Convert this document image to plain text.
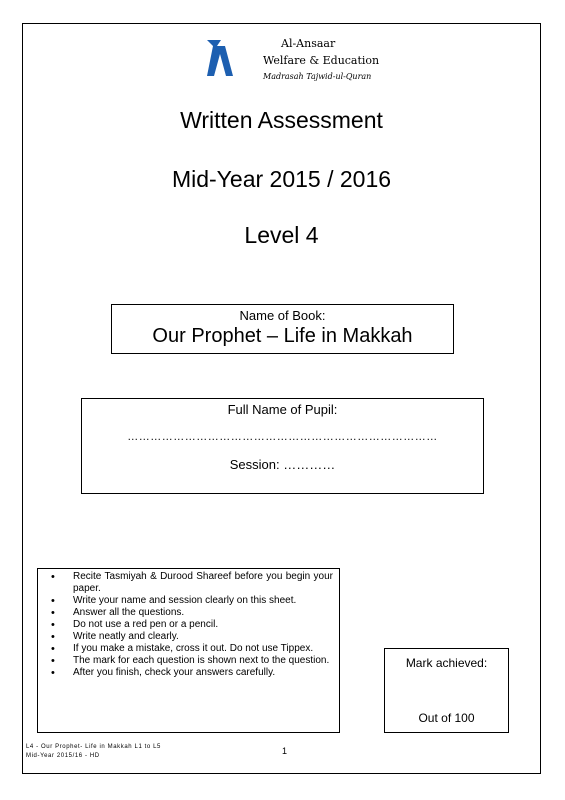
Al-Ansaar
Welfare & Education
Madrasah Tajwid-ul-Quran
Written Assessment
Mid-Year 2015 / 2016
Level 4
Name of Book:
Our Prophet – Life in Makkah
Full Name of Pupil:
………………………………………………………………………
Session: …………
• Recite Tasmiyah & Durood Shareef before you begin your paper.
• Write your name and session clearly on this sheet.
• Answer all the questions.
• Do not use a red pen or a pencil.
• Write neatly and clearly.
• If you make a mistake, cross it out. Do not use Tippex.
• The mark for each question is shown next to the question.
• After you finish, check your answers carefully.
Mark achieved:
Out of 100
L4 - Our Prophet- Life in Makkah L1 to L5
Mid-Year 2015/16 - HD	1
